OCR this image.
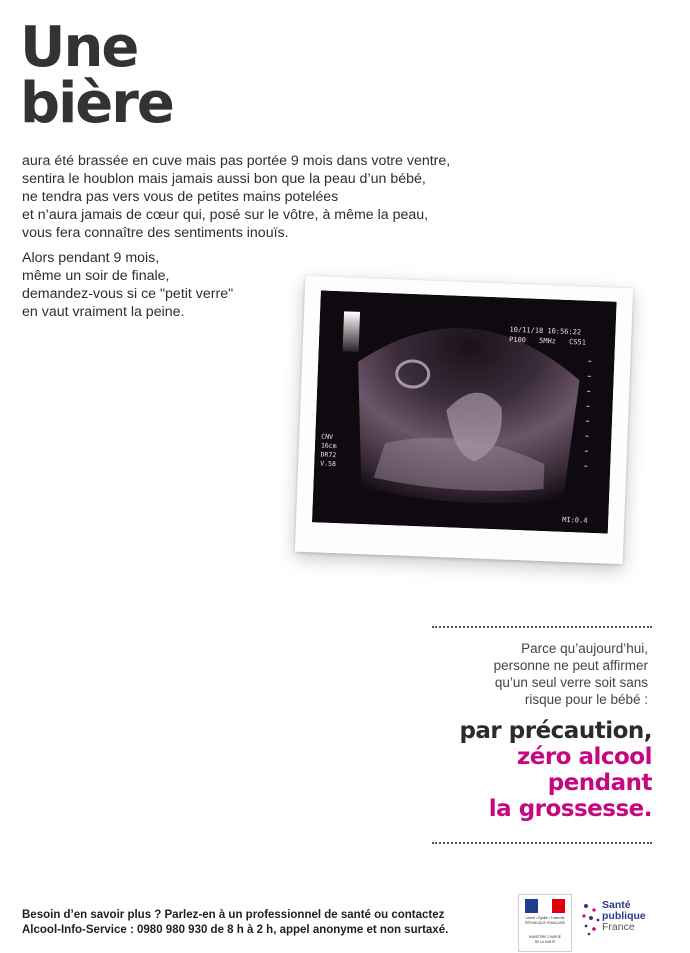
Une
bière

aura été brassée en cuve mais pas portée 9 mois dans votre ventre,
sentira le houblon mais jamais aussi bon que la peau d’un bébé,
ne tendra pas vers vous de petites mains potelées
et n’aura jamais de cœur qui, posé sur le vôtre, à même la peau,
vous fera connaître des sentiments inouïs.

Alors pendant 9 mois,
même un soir de finale,
demandez-vous si ce "petit verre"
en vaut vraiment la peine.

10/11/18 10:56:22
P100 5MHz CS51
CNV
16cm
DR72
V.58
MI:0.4
Parce qu’aujourd’hui,
personne ne peut affirmer
qu’un seul verre soit sans
risque pour le bébé :
par précaution,
zéro alcool
pendant
la grossesse.
Besoin d’en savoir plus ? Parlez-en à un professionnel de santé ou contactez
Alcool-Info-Service : 0980 980 930 de 8 h à 2 h, appel anonyme et non surtaxé.
Liberté • Égalité • Fraternité
RÉPUBLIQUE FRANÇAISE
MINISTÈRE CHARGÉ
DE LA SANTÉ
Santé
publique
France
